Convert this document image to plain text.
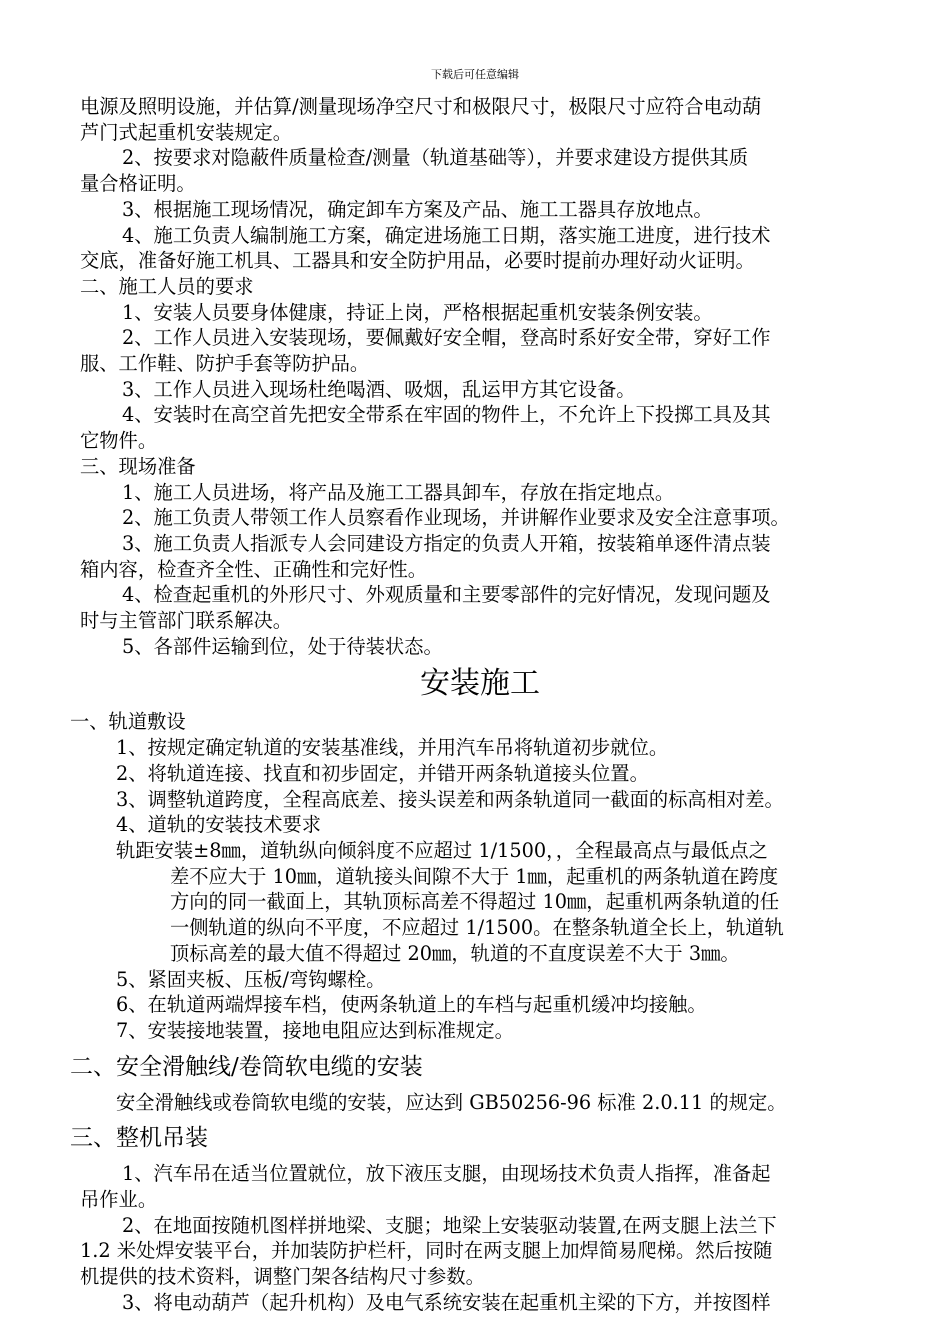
下载后可任意编辑
电源及照明设施，并估算/测量现场净空尺寸和极限尺寸，极限尺寸应符合电动葫
芦门式起重机安装规定。
2、按要求对隐蔽件质量检查/测量（轨道基础等），并要求建设方提供其质
量合格证明。
3、根据施工现场情况，确定卸车方案及产品、施工工器具存放地点。
4、施工负责人编制施工方案，确定进场施工日期，落实施工进度，进行技术
交底，准备好施工机具、工器具和安全防护用品，必要时提前办理好动火证明。
二、施工人员的要求
1、安装人员要身体健康，持证上岗，严格根据起重机安装条例安装。
2、工作人员进入安装现场，要佩戴好安全帽，登高时系好安全带，穿好工作
服、工作鞋、防护手套等防护品。
3、工作人员进入现场杜绝喝酒、吸烟，乱运甲方其它设备。
4、安装时在高空首先把安全带系在牢固的物件上，不允许上下投掷工具及其
它物件。
三、现场准备
1、施工人员进场，将产品及施工工器具卸车，存放在指定地点。
2、施工负责人带领工作人员察看作业现场，并讲解作业要求及安全注意事项。
3、施工负责人指派专人会同建设方指定的负责人开箱，按装箱单逐件清点装
箱内容，检查齐全性、正确性和完好性。
4、检查起重机的外形尺寸、外观质量和主要零部件的完好情况，发现问题及
时与主管部门联系解决。
5、各部件运输到位，处于待装状态。
安装施工
一、轨道敷设
1、按规定确定轨道的安装基准线，并用汽车吊将轨道初步就位。
2、将轨道连接、找直和初步固定，并错开两条轨道接头位置。
3、调整轨道跨度，全程高底差、接头误差和两条轨道同一截面的标高相对差。
4、道轨的安装技术要求
轨距安装±8㎜，道轨纵向倾斜度不应超过 1/1500，，全程最高点与最低点之
差不应大于 10㎜，道轨接头间隙不大于 1㎜，起重机的两条轨道在跨度
方向的同一截面上，其轨顶标高差不得超过 10㎜，起重机两条轨道的任
一侧轨道的纵向不平度，不应超过 1/1500。在整条轨道全长上，轨道轨
顶标高差的最大值不得超过 20㎜，轨道的不直度误差不大于 3㎜。
5、紧固夹板、压板/弯钩螺栓。
6、在轨道两端焊接车档，使两条轨道上的车档与起重机缓冲均接触。
7、安装接地装置，接地电阻应达到标准规定。
二、安全滑触线/卷筒软电缆的安装
安全滑触线或卷筒软电缆的安装，应达到 GB50256-96 标准 2.0.11 的规定。
三、整机吊装
1、汽车吊在适当位置就位，放下液压支腿，由现场技术负责人指挥，准备起
吊作业。
2、在地面按随机图样拼地梁、支腿；地梁上安装驱动装置,在两支腿上法兰下
1.2 米处焊安装平台，并加装防护栏杆，同时在两支腿上加焊简易爬梯。然后按随
机提供的技术资料，调整门架各结构尺寸参数。
3、将电动葫芦（起升机构）及电气系统安装在起重机主梁的下方，并按图样
